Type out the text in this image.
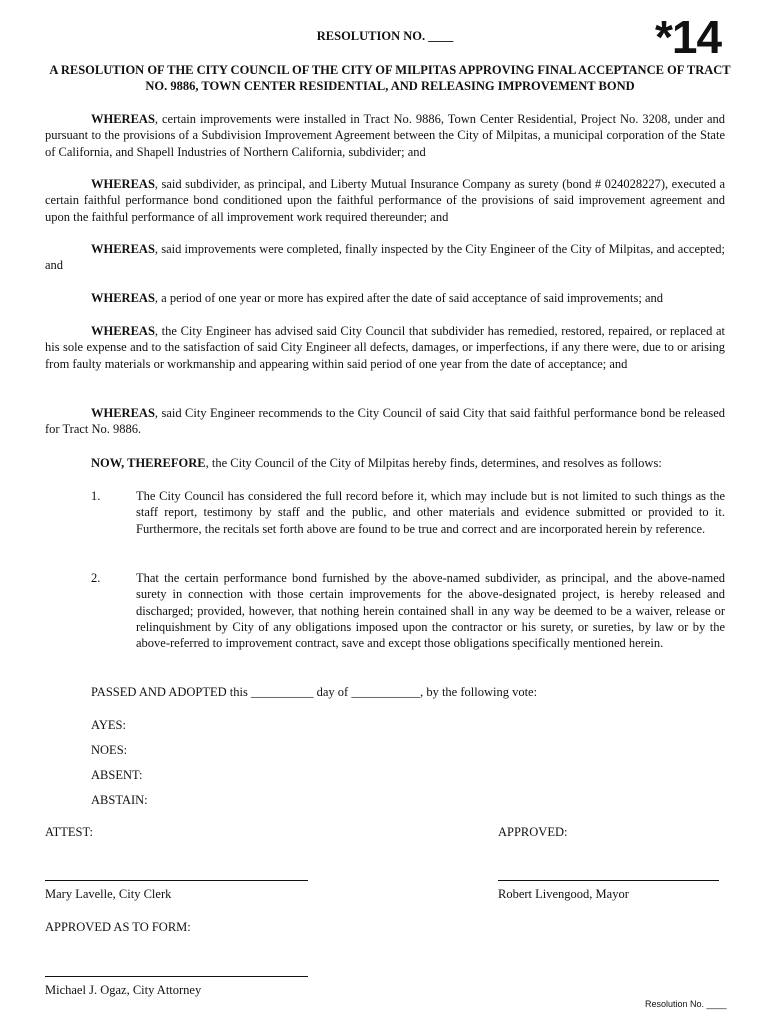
*14
RESOLUTION NO. ____
A RESOLUTION OF THE CITY COUNCIL OF THE CITY OF MILPITAS APPROVING FINAL ACCEPTANCE OF TRACT NO. 9886, TOWN CENTER RESIDENTIAL, AND RELEASING IMPROVEMENT BOND
WHEREAS, certain improvements were installed in Tract No. 9886, Town Center Residential, Project No. 3208, under and pursuant to the provisions of a Subdivision Improvement Agreement between the City of Milpitas, a municipal corporation of the State of California, and Shapell Industries of Northern California, subdivider; and
WHEREAS, said subdivider, as principal, and Liberty Mutual Insurance Company as surety (bond # 024028227), executed a certain faithful performance bond conditioned upon the faithful performance of the provisions of said improvement agreement and upon the faithful performance of all improvement work required thereunder; and
WHEREAS, said improvements were completed, finally inspected by the City Engineer of the City of Milpitas, and accepted; and
WHEREAS, a period of one year or more has expired after the date of said acceptance of said improvements; and
WHEREAS, the City Engineer has advised said City Council that subdivider has remedied, restored, repaired, or replaced at his sole expense and to the satisfaction of said City Engineer all defects, damages, or imperfections, if any there were, due to or arising from faulty materials or workmanship and appearing within said period of one year from the date of acceptance; and
WHEREAS, said City Engineer recommends to the City Council of said City that said faithful performance bond be released for Tract No. 9886.
NOW, THEREFORE, the City Council of the City of Milpitas hereby finds, determines, and resolves as follows:
1.	The City Council has considered the full record before it, which may include but is not limited to such things as the staff report, testimony by staff and the public, and other materials and evidence submitted or provided to it. Furthermore, the recitals set forth above are found to be true and correct and are incorporated herein by reference.
2.	That the certain performance bond furnished by the above-named subdivider, as principal, and the above-named surety in connection with those certain improvements for the above-designated project, is hereby released and discharged; provided, however, that nothing herein contained shall in any way be deemed to be a waiver, release or relinquishment by City of any obligations imposed upon the contractor or his surety, or sureties, by law or by the above-referred to improvement contract, save and except those obligations specifically mentioned herein.
PASSED AND ADOPTED this __________ day of ___________, by the following vote:
AYES:
NOES:
ABSENT:
ABSTAIN:
ATTEST:	APPROVED:
Mary Lavelle, City Clerk	Robert Livengood, Mayor
APPROVED AS TO FORM:
Michael J. Ogaz, City Attorney
Resolution No. ____
